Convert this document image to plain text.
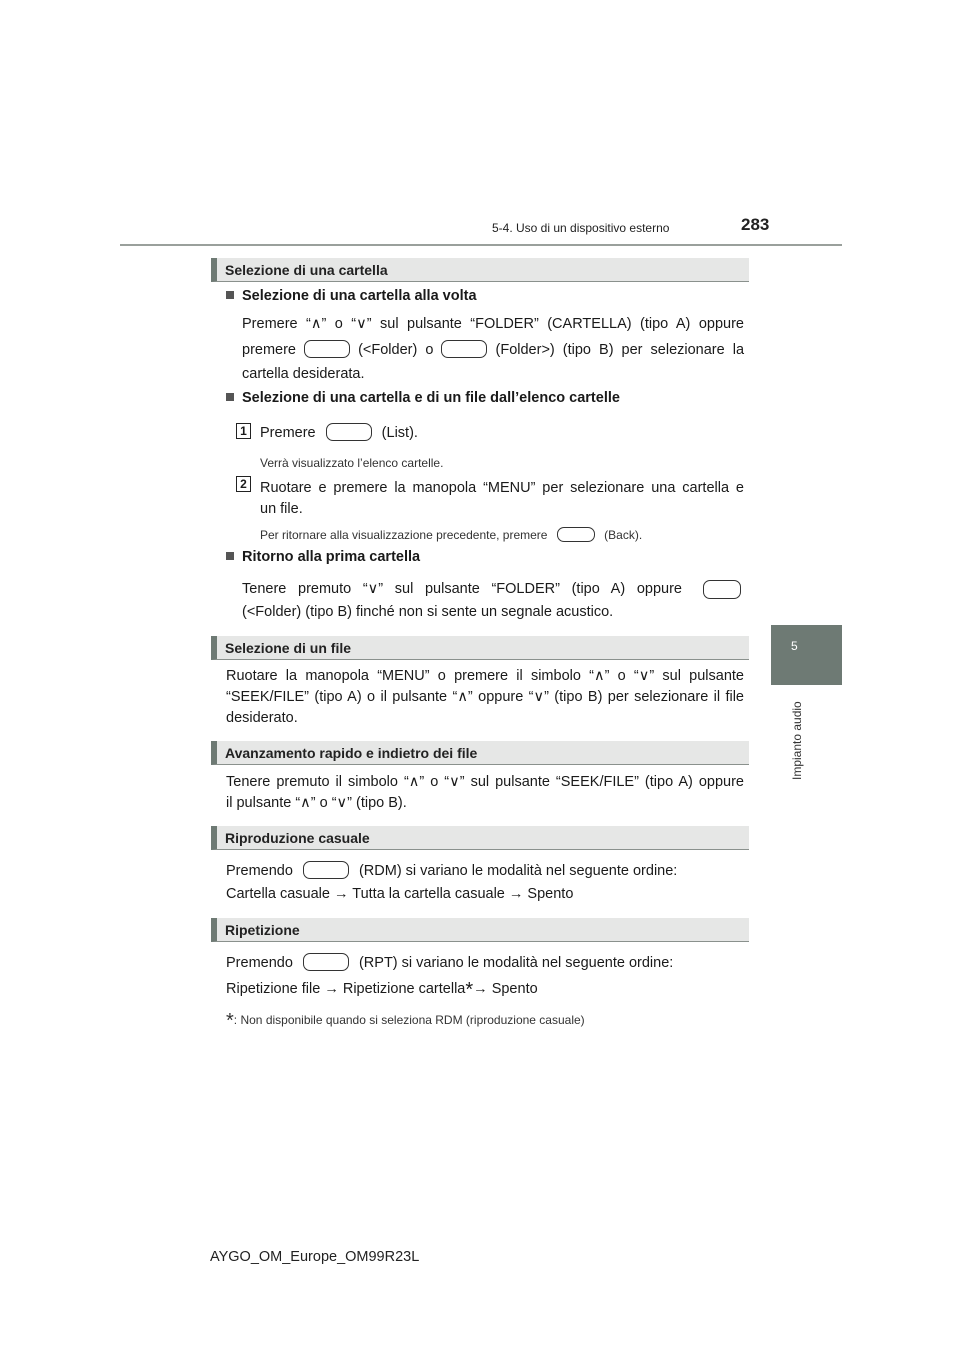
5-4. Uso di un dispositivo esterno	283
5
Impianto audio
Selezione di una cartella
Selezione di una cartella alla volta
Premere “∧” o “∨” sul pulsante “FOLDER” (CARTELLA) (tipo A) oppure
premere	(<Folder) o	(Folder>) (tipo B) per selezionare la
cartella desiderata.
Selezione di una cartella e di un file dall’elenco cartelle
1 Premere	(List).
Verrà visualizzato l’elenco cartelle.
2 Ruotare e premere la manopola “MENU” per selezionare una cartella e
un file.
Per ritornare alla visualizzazione precedente, premere	(Back).
Ritorno alla prima cartella
Tenere premuto “∨” sul pulsante “FOLDER” (tipo A) oppure
(<Folder) (tipo B) finché non si sente un segnale acustico.
Selezione di un file
Ruotare la manopola “MENU” o premere il simbolo “∧” o “∨” sul pulsante
“SEEK/FILE” (tipo A) o il pulsante “∧” oppure “∨” (tipo B) per selezionare il file
desiderato.
Avanzamento rapido e indietro dei file
Tenere premuto il simbolo “∧” o “∨” sul pulsante “SEEK/FILE” (tipo A) oppure
il pulsante “∧” o “∨” (tipo B).
Riproduzione casuale
Premendo	(RDM) si variano le modalità nel seguente ordine:
Cartella casuale → Tutta la cartella casuale → Spento
Ripetizione
Premendo	(RPT) si variano le modalità nel seguente ordine:
Ripetizione file → Ripetizione cartella*→ Spento
*: Non disponibile quando si seleziona RDM (riproduzione casuale)
AYGO_OM_Europe_OM99R23L
